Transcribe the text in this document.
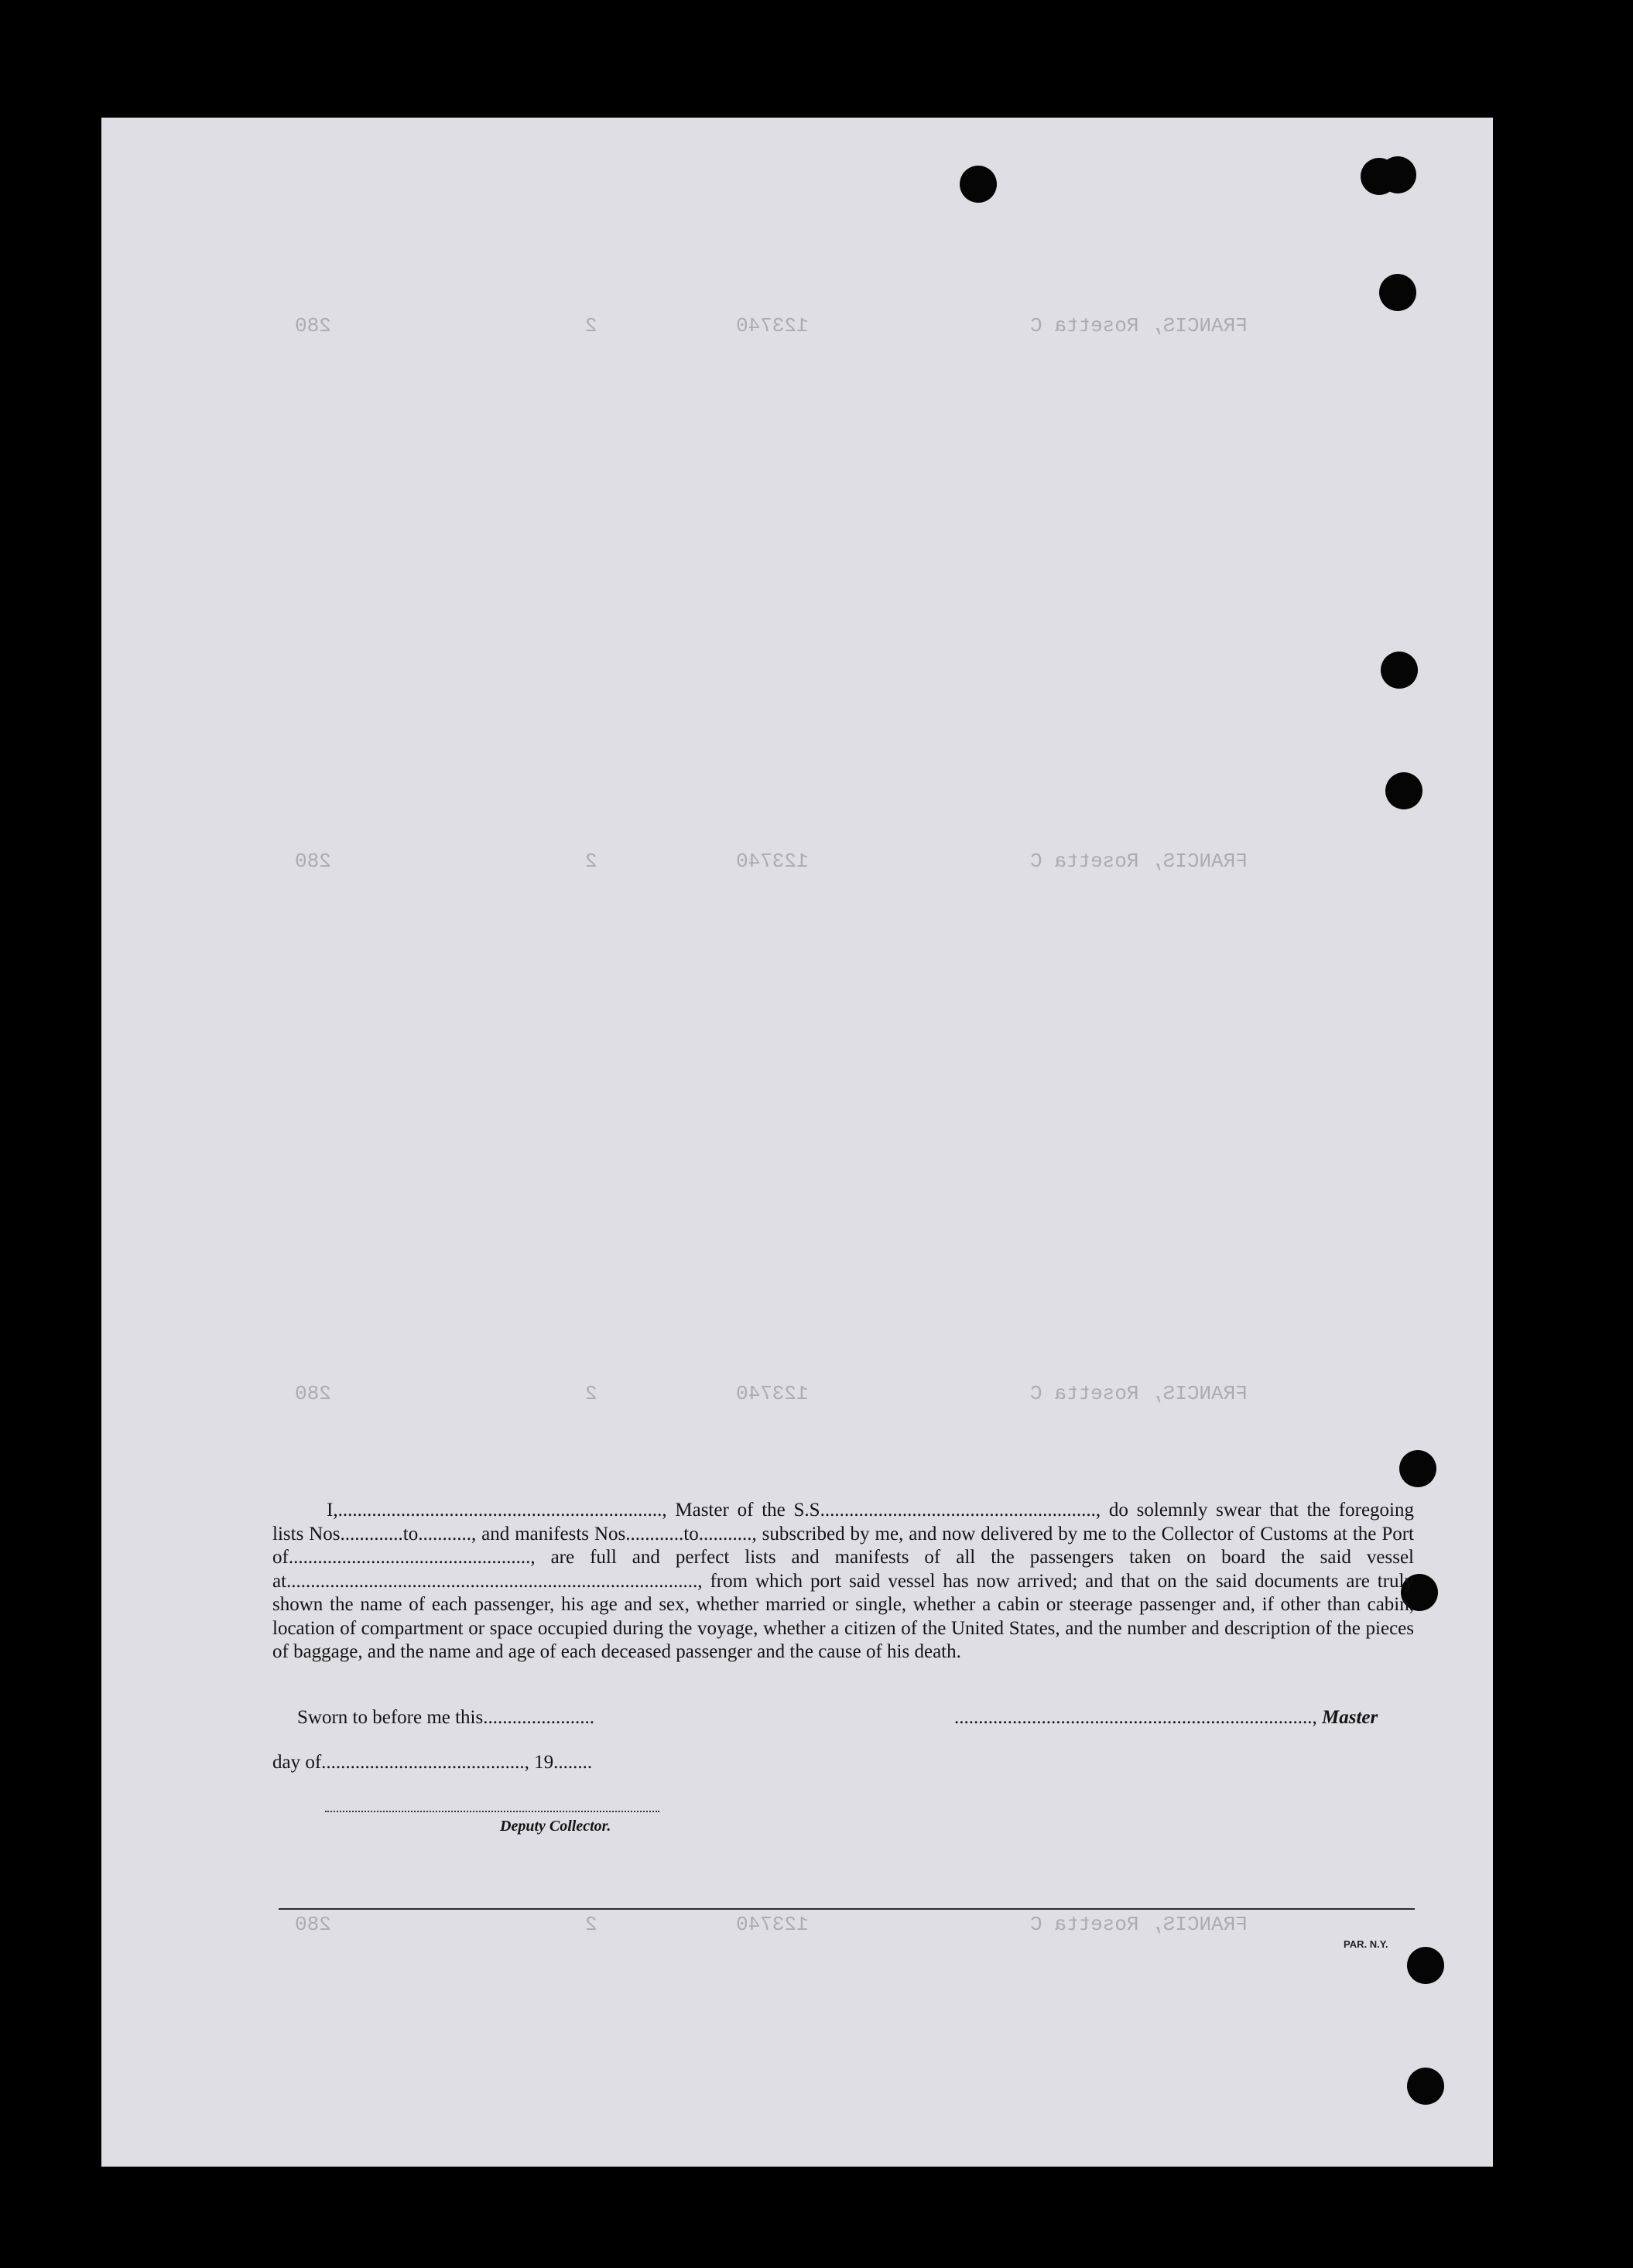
FRANCIS, Rosetta C
123740
2
280
FRANCIS, Rosetta C
123740
2
280
FRANCIS, Rosetta C
123740
2
280
FRANCIS, Rosetta C
123740
2
280

I,..................................................................., Master of the S.S........................................................., do solemnly swear that the foregoing lists Nos.............to..........., and manifests Nos............to..........., subscribed by me, and now delivered by me to the Collector of Customs at the Port of.................................................., are full and perfect lists and manifests of all the passengers taken on board the said vessel at....................................................................................., from which port said vessel has now arrived; and that on the said documents are truly shown the name of each passenger, his age and sex, whether married or single, whether a cabin or steerage passenger and, if other than cabin, location of compartment or space occupied during the voyage, whether a citizen of the United States, and the number and description of the pieces of baggage, and the name and age of each deceased passenger and the cause of his death.

Sworn to before me this.......................	.........................................................................., Master
day of.........................................., 19........
Deputy Collector.
PAR. N.Y.
